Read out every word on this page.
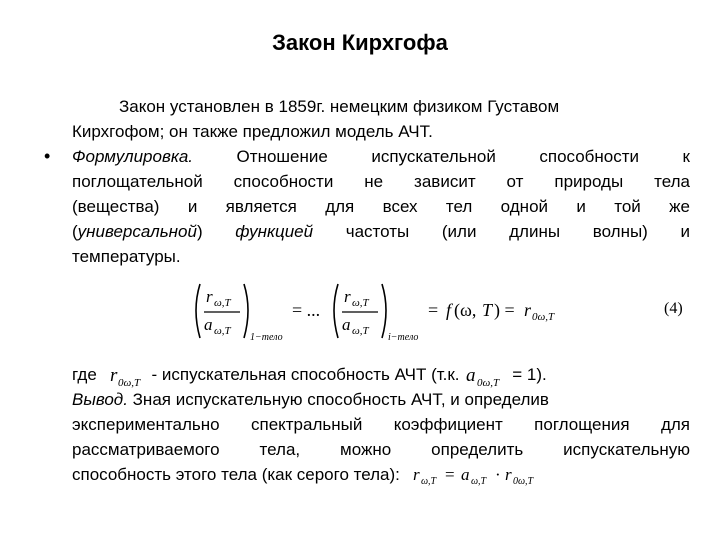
Закон Кирхгофа
Закон установлен в 1859г. немецким физиком Густавом
Кирхгофом; он также предложил модель АЧТ.
• Формулировка. Отношение испускательной способности к
поглощательной способности не зависит от природы тела
(вещества) и является для всех тел одной и той же
(универсальной) функцией частоты (или длины волны) и
температуры.
r ω,T
a ω,T
1−тело
= ...
r ω,T
a ω,T
i−тело
= f (ω, T ) = r 0ω,T	(4)
где r 0ω,T - испускательная способность АЧТ (т.к. a 0ω,T = 1).
Вывод. Зная испускательную способность АЧТ, и определив
экспериментально спектральный коэффициент поглощения для
рассматриваемого тела, можно определить испускательную
способность этого тела (как серого тела): r ω,T = a ω,T · r 0ω,T
